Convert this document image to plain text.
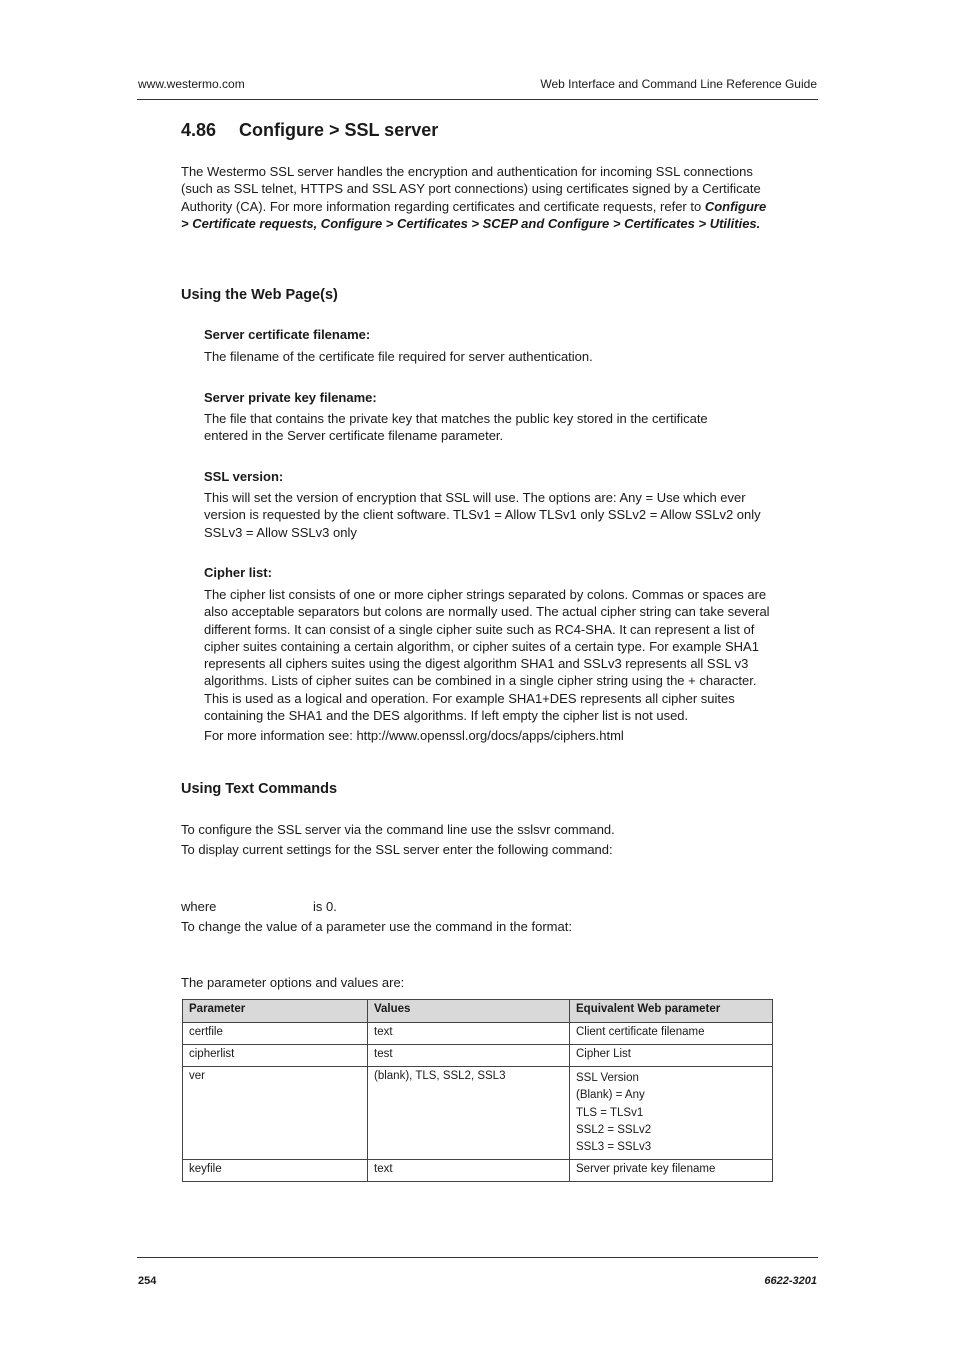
www.westermo.com	Web Interface and Command Line Reference Guide
4.86 Configure > SSL server
The Westermo SSL server handles the encryption and authentication for incoming SSL connections (such as SSL telnet, HTTPS and SSL ASY port connections) using certificates signed by a Certificate Authority (CA). For more information regarding certificates and certificate requests, refer to Configure > Certificate requests, Configure > Certificates > SCEP and Configure > Certificates > Utilities.
Using the Web Page(s)
Server certificate filename:
The filename of the certificate file required for server authentication.
Server private key filename:
The file that contains the private key that matches the public key stored in the certificate entered in the Server certificate filename parameter.
SSL version:
This will set the version of encryption that SSL will use. The options are: Any = Use which ever version is requested by the client software. TLSv1 = Allow TLSv1 only SSLv2 = Allow SSLv2 only SSLv3 = Allow SSLv3 only
Cipher list:
The cipher list consists of one or more cipher strings separated by colons. Commas or spaces are also acceptable separators but colons are normally used. The actual cipher string can take several different forms. It can consist of a single cipher suite such as RC4-SHA. It can represent a list of cipher suites containing a certain algorithm, or cipher suites of a certain type. For example SHA1 represents all ciphers suites using the digest algorithm SHA1 and SSLv3 represents all SSL v3 algorithms. Lists of cipher suites can be combined in a single cipher string using the + character. This is used as a logical and operation. For example SHA1+DES represents all cipher suites containing the SHA1 and the DES algorithms. If left empty the cipher list is not used.
For more information see: http://www.openssl.org/docs/apps/ciphers.html
Using Text Commands
To configure the SSL server via the command line use the sslsvr command.
To display current settings for the SSL server enter the following command:
where	is 0.
To change the value of a parameter use the command in the format:
The parameter options and values are:
Parameter	Values	Equivalent Web parameter
certfile	text	Client certificate filename
cipherlist	test	Cipher List
ver	(blank), TLS, SSL2, SSL3	SSL Version
(Blank) = Any
TLS = TLSv1
SSL2 = SSLv2
SSL3 = SSLv3

keyfile	text	Server private key filename
254	6622-3201
